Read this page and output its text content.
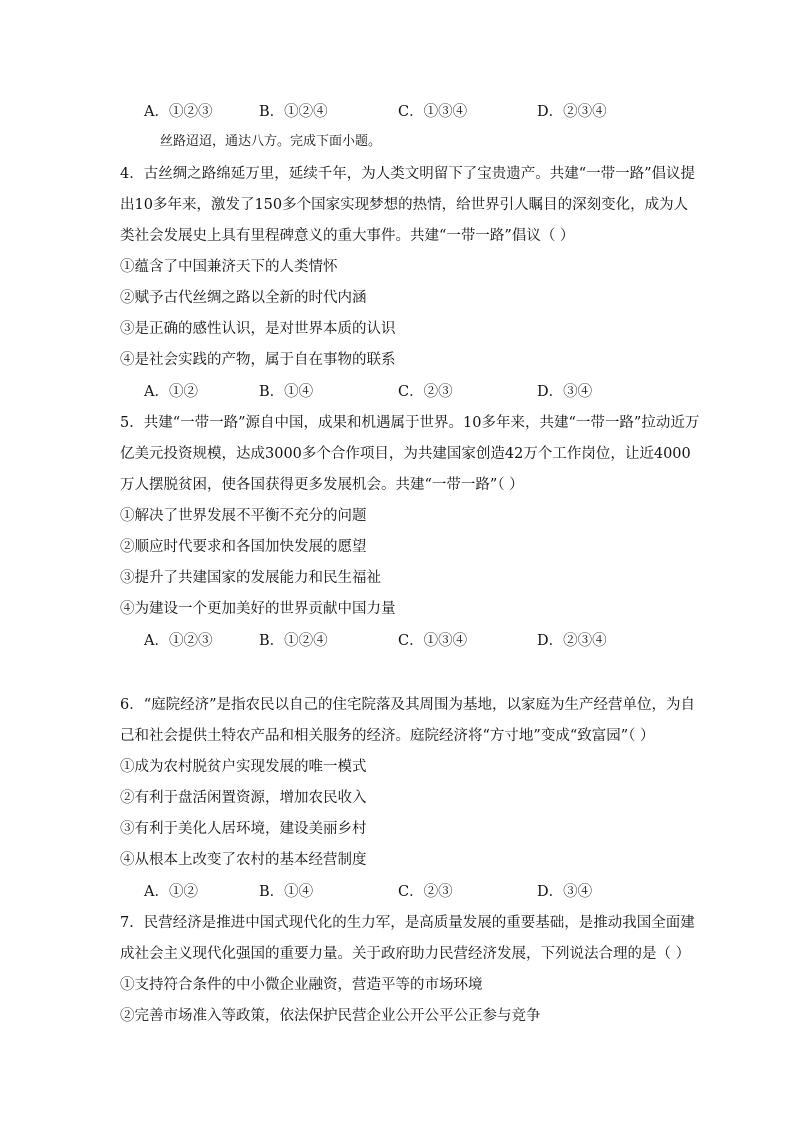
A．①②③	B．①②④	C．①③④	D．②③④
丝路迢迢，通达八方。完成下面小题。
4．古丝绸之路绵延万里，延续千年，为人类文明留下了宝贵遗产。共建“一带一路”倡议提
出10多年来，激发了150多个国家实现梦想的热情，给世界引人瞩目的深刻变化，成为人
类社会发展史上具有里程碑意义的重大事件。共建“一带一路”倡议（ ）
①蕴含了中国兼济天下的人类情怀
②赋予古代丝绸之路以全新的时代内涵
③是正确的感性认识，是对世界本质的认识
④是社会实践的产物，属于自在事物的联系
A．①②	B．①④	C．②③	D．③④
5．共建“一带一路”源自中国，成果和机遇属于世界。10多年来，共建“一带一路”拉动近万
亿美元投资规模，达成3000多个合作项目，为共建国家创造42万个工作岗位，让近4000
万人摆脱贫困，使各国获得更多发展机会。共建“一带一路”（ ）
①解决了世界发展不平衡不充分的问题
②顺应时代要求和各国加快发展的愿望
③提升了共建国家的发展能力和民生福祉
④为建设一个更加美好的世界贡献中国力量
A．①②③	B．①②④	C．①③④	D．②③④
6．“庭院经济”是指农民以自己的住宅院落及其周围为基地，以家庭为生产经营单位，为自
己和社会提供土特农产品和相关服务的经济。庭院经济将“方寸地”变成“致富园”（ ）
①成为农村脱贫户实现发展的唯一模式
②有利于盘活闲置资源，增加农民收入
③有利于美化人居环境，建设美丽乡村
④从根本上改变了农村的基本经营制度
A．①②	B．①④	C．②③	D．③④
7．民营经济是推进中国式现代化的生力军，是高质量发展的重要基础，是推动我国全面建
成社会主义现代化强国的重要力量。关于政府助力民营经济发展，下列说法合理的是（ ）
①支持符合条件的中小微企业融资，营造平等的市场环境
②完善市场准入等政策，依法保护民营企业公开公平公正参与竞争
